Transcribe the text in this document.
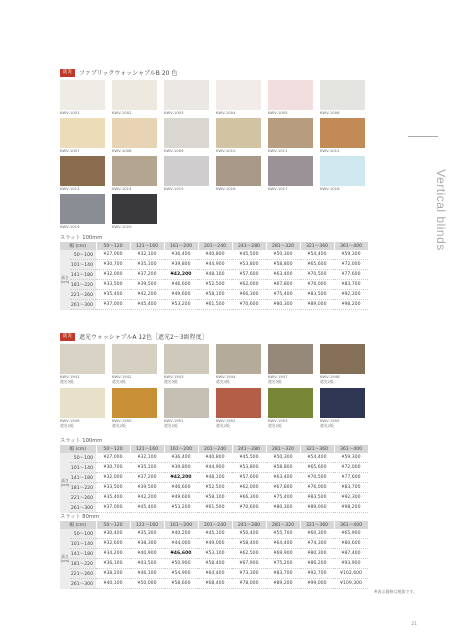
Vertical blinds
防炎	ファブリックウォッシャブルB 20 色
KWV-1001	KWV-1002	KWV-1003	KWV-1004	KWV-1005	KWV-1006
KWV-1007	KWV-1008	KWV-1009	KWV-1010	KWV-1011	KWV-1012
KWV-1013	KWV-1014	KWV-1015	KWV-1016	KWV-1017	KWV-1018
KWV-1019	KWV-1020
スラット 100mm
幅 (cm)		50～120	121～160	161～200	201～240	241～280	281～320	321～360	361～400
高さ(cm)	50～100	¥27,000	¥32,100	¥36,400	¥40,800	¥45,500	¥50,300	¥54,400	¥59,300
	101～140	¥30,700	¥35,100	¥39,800	¥44,900	¥53,800	¥58,800	¥65,600	¥72,000
	141～180	¥32,000	¥37,200	¥42,200	¥48,100	¥57,600	¥63,400	¥70,500	¥77,600
	181～220	¥33,500	¥39,500	¥46,600	¥52,500	¥62,000	¥67,800	¥76,000	¥83,700
	221～260	¥35,400	¥42,200	¥49,600	¥58,100	¥66,300	¥75,400	¥83,500	¥92,300
	261～300	¥37,000	¥45,400	¥53,200	¥61,500	¥70,600	¥80,300	¥89,000	¥98,200
防炎	遮光ウォッシャブルA 12色［遮光2～3級程度］
KWV-1941
遮光3級
KWV-1942
遮光3級
KWV-1943
遮光3級
KWV-1944
遮光3級
KWV-1947
遮光3級
KWV-1948
遮光2級
KWV-1949
遮光2級
KWV-1950
遮光2級
KWV-1951
遮光2級
KWV-1952
遮光2級
KWV-1953
遮光2級
KWV-1955
遮光2級
スラット 100mm
幅 (cm)		50～120	121～160	161～200	201～240	241～280	281～320	321～360	361～400
高さ(cm)	50～100	¥27,000	¥32,100	¥36,400	¥40,800	¥45,500	¥50,300	¥54,400	¥59,300
	101～140	¥30,700	¥35,100	¥39,800	¥44,900	¥53,800	¥58,800	¥65,600	¥72,000
	141～180	¥32,000	¥37,200	¥42,200	¥48,100	¥57,600	¥63,400	¥70,500	¥77,600
	181～220	¥33,500	¥39,500	¥46,600	¥52,500	¥62,000	¥67,800	¥76,000	¥83,700
	221～260	¥35,400	¥42,200	¥49,600	¥58,100	¥66,300	¥75,400	¥83,500	¥92,300
	261～300	¥37,000	¥45,400	¥53,200	¥61,500	¥70,600	¥80,300	¥89,000	¥98,200
スラット 80mm
幅 (cm)		50～120	121～160	161～200	201～240	241～280	281～320	321～360	361～400
高さ(cm)	50～100	¥30,400	¥35,300	¥40,200	¥45,100	¥50,400	¥55,700	¥60,300	¥65,900
	101～140	¥32,600	¥38,300	¥44,000	¥49,000	¥58,400	¥64,400	¥74,300	¥80,600
	141～180	¥34,200	¥40,900	¥46,600	¥53,100	¥62,500	¥69,900	¥80,300	¥87,400
	181～220	¥36,100	¥43,500	¥50,900	¥58,400	¥67,900	¥75,200	¥86,200	¥93,900
	221～260	¥38,200	¥46,100	¥54,900	¥64,400	¥73,300	¥83,700	¥92,700	¥102,600
	261～300	¥40,100	¥50,000	¥58,600	¥68,400	¥78,000	¥89,200	¥99,000	¥109,300
※表示価格は税抜です。
21
